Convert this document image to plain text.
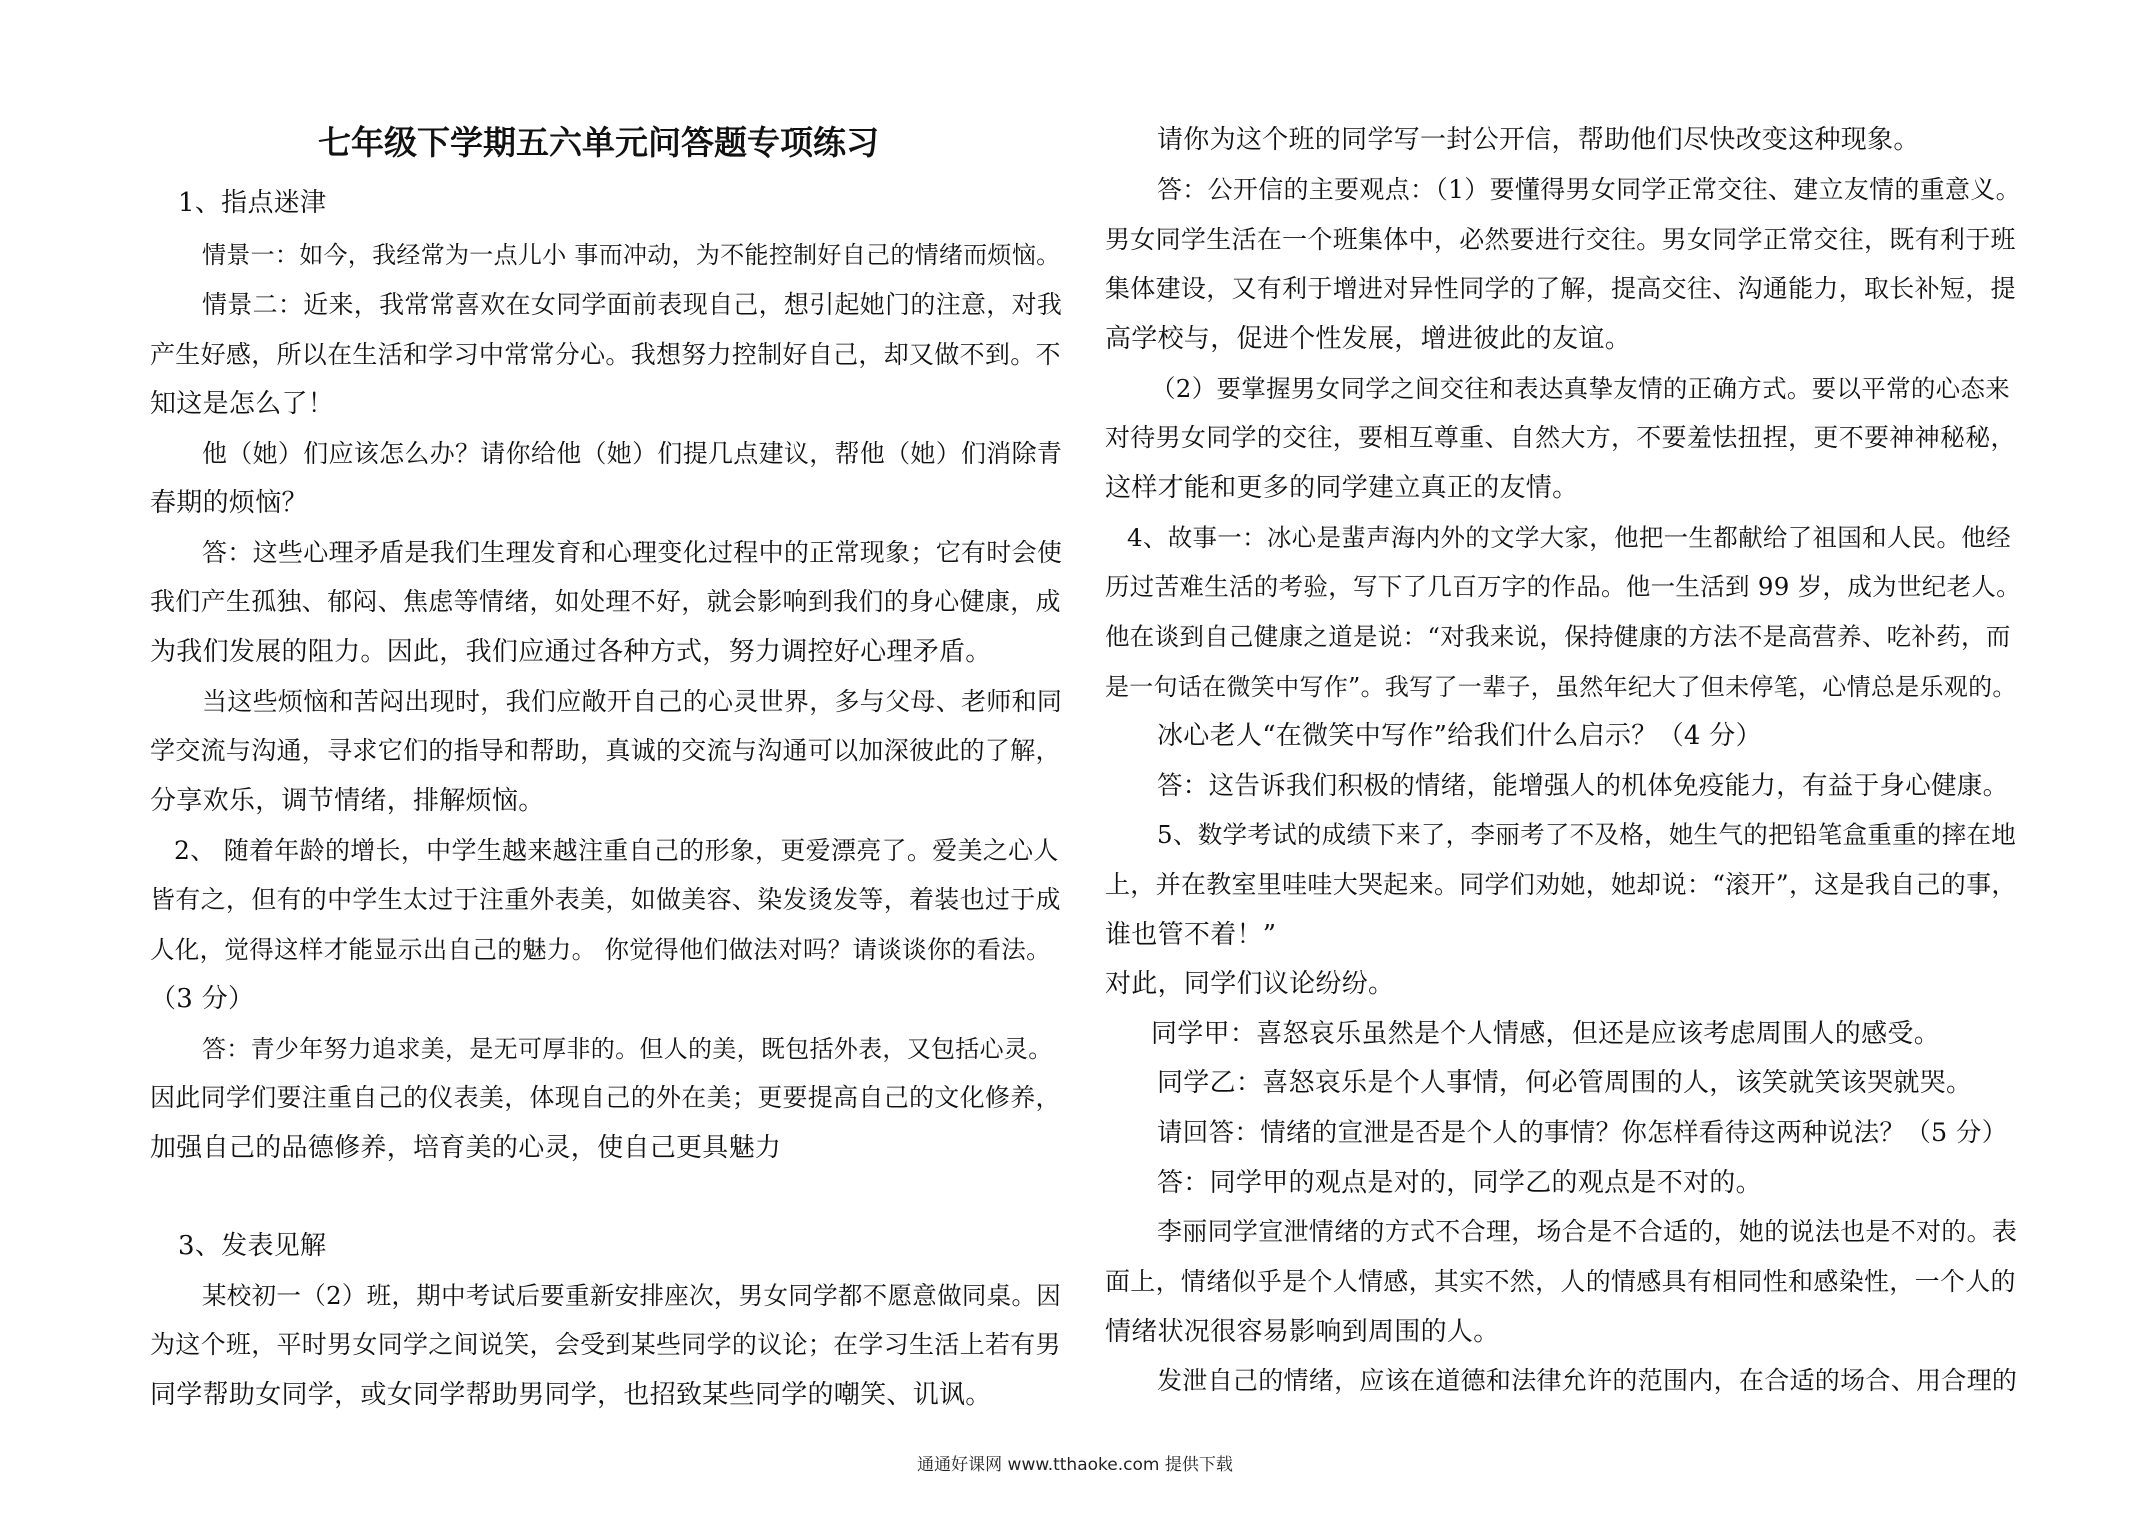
七年级下学期五六单元问答题专项练习
1、指点迷津
情景一：如今，我经常为一点儿小 事而冲动，为不能控制好自己的情绪而烦恼。
情景二：近来，我常常喜欢在女同学面前表现自己，想引起她门的注意，对我
产生好感，所以在生活和学习中常常分心。我想努力控制好自己，却又做不到。不
知这是怎么了！
他（她）们应该怎么办？请你给他（她）们提几点建议，帮他（她）们消除青
春期的烦恼？
答：这些心理矛盾是我们生理发育和心理变化过程中的正常现象；它有时会使
我们产生孤独、郁闷、焦虑等情绪，如处理不好，就会影响到我们的身心健康，成
为我们发展的阻力。因此，我们应通过各种方式，努力调控好心理矛盾。
当这些烦恼和苦闷出现时，我们应敞开自己的心灵世界，多与父母、老师和同
学交流与沟通，寻求它们的指导和帮助，真诚的交流与沟通可以加深彼此的了解，
分享欢乐，调节情绪，排解烦恼。
2、 随着年龄的增长，中学生越来越注重自己的形象，更爱漂亮了。爱美之心人
皆有之，但有的中学生太过于注重外表美，如做美容、染发烫发等，着装也过于成
人化，觉得这样才能显示出自己的魅力。 你觉得他们做法对吗？请谈谈你的看法。
（3 分）
答：青少年努力追求美，是无可厚非的。但人的美，既包括外表，又包括心灵。
因此同学们要注重自己的仪表美，体现自己的外在美；更要提高自己的文化修养，
加强自己的品德修养，培育美的心灵，使自己更具魅力
3、发表见解
某校初一（2）班，期中考试后要重新安排座次，男女同学都不愿意做同桌。因
为这个班，平时男女同学之间说笑，会受到某些同学的议论；在学习生活上若有男
同学帮助女同学，或女同学帮助男同学，也招致某些同学的嘲笑、讥讽。
请你为这个班的同学写一封公开信，帮助他们尽快改变这种现象。
答：公开信的主要观点：（1）要懂得男女同学正常交往、建立友情的重意义。
男女同学生活在一个班集体中，必然要进行交往。男女同学正常交往，既有利于班
集体建设，又有利于增进对异性同学的了解，提高交往、沟通能力，取长补短，提
高学校与，促进个性发展，增进彼此的友谊。
（2）要掌握男女同学之间交往和表达真挚友情的正确方式。要以平常的心态来
对待男女同学的交往，要相互尊重、自然大方，不要羞怯扭捏，更不要神神秘秘，
这样才能和更多的同学建立真正的友情。
4、故事一：冰心是蜚声海内外的文学大家，他把一生都献给了祖国和人民。他经
历过苦难生活的考验，写下了几百万字的作品。他一生活到 99 岁，成为世纪老人。
他在谈到自己健康之道是说：“对我来说，保持健康的方法不是高营养、吃补药，而
是一句话在微笑中写作”。我写了一辈子，虽然年纪大了但未停笔，心情总是乐观的。
冰心老人“在微笑中写作”给我们什么启示？（4 分）
答：这告诉我们积极的情绪，能增强人的机体免疫能力，有益于身心健康。
5、数学考试的成绩下来了，李丽考了不及格，她生气的把铅笔盒重重的摔在地
上，并在教室里哇哇大哭起来。同学们劝她，她却说：“滚开”，这是我自己的事，
谁也管不着！”
对此，同学们议论纷纷。
同学甲：喜怒哀乐虽然是个人情感，但还是应该考虑周围人的感受。
同学乙：喜怒哀乐是个人事情，何必管周围的人，该笑就笑该哭就哭。
请回答：情绪的宣泄是否是个人的事情？你怎样看待这两种说法？（5 分）
答：同学甲的观点是对的，同学乙的观点是不对的。
李丽同学宣泄情绪的方式不合理，场合是不合适的，她的说法也是不对的。表
面上，情绪似乎是个人情感，其实不然，人的情感具有相同性和感染性，一个人的
情绪状况很容易影响到周围的人。
发泄自己的情绪，应该在道德和法律允许的范围内，在合适的场合、用合理的
通通好课网 www.tthaoke.com 提供下载
